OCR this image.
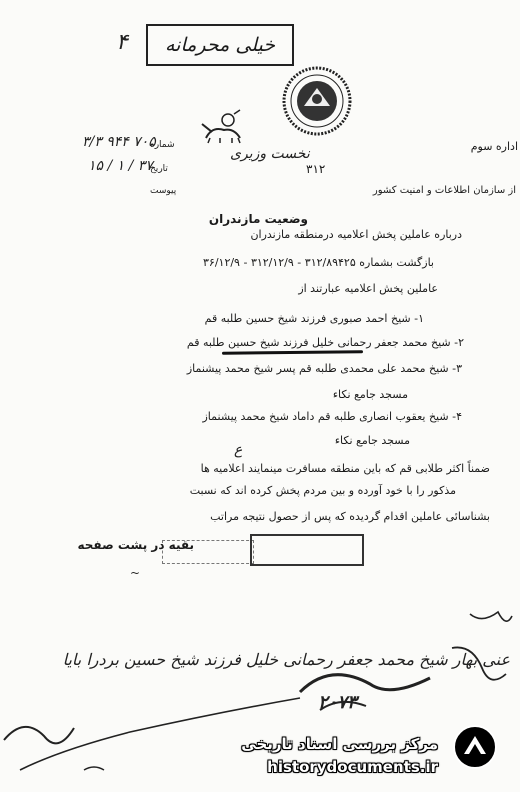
خیلی محرمانه
۴
اداره سوم
۳۱۲
نخست وزیری
از سازمان اطلاعات و امنیت کشور
شماره
۳/۳ ۹۴۴ ۷۰۵
تاریخ
۱۵ / ۱ / ۳۷
پیوست
وضعیت مازندران
درباره عاملین پخش اعلامیه درمنطقه مازندران
بازگشت بشماره ۳۱۲/۸۹۴۲۵ - ۳۱۲/۱۲/۹ - ۳۶/۱۲/۹
عاملین پخش اعلامیه عبارتند از
۱- شیخ احمد صبوری فرزند شیخ حسین طلبه قم
۲- شیخ محمد جعفر رحمانی خلیل فرزند شیخ حسین طلبه قم
۳- شیخ محمد علی محمدی طلبه قم پسر شیخ محمد پیشنماز
مسجد جامع نکاء
۴- شیخ یعقوب انصاری طلبه قم داماد شیخ محمد پیشنماز
مسجد جامع نکاء
ع
ضمناً اکثر طلابی قم که باین منطقه مسافرت مینمایند اعلامیه ها
مذکور را با خود آورده و بین مردم پخش کرده اند که نسبت
بشناسائی عاملین اقدام گردیده که پس از حصول نتیجه مراتب
بقیه در پشت صفحه
~
عنی بهار شیخ محمد جعفر رحمانی خلیل فرزند شیخ حسین بردرا بایا
۲۰۷۳
مرکز بررسی اسناد تاریخی
historydocuments.ir
